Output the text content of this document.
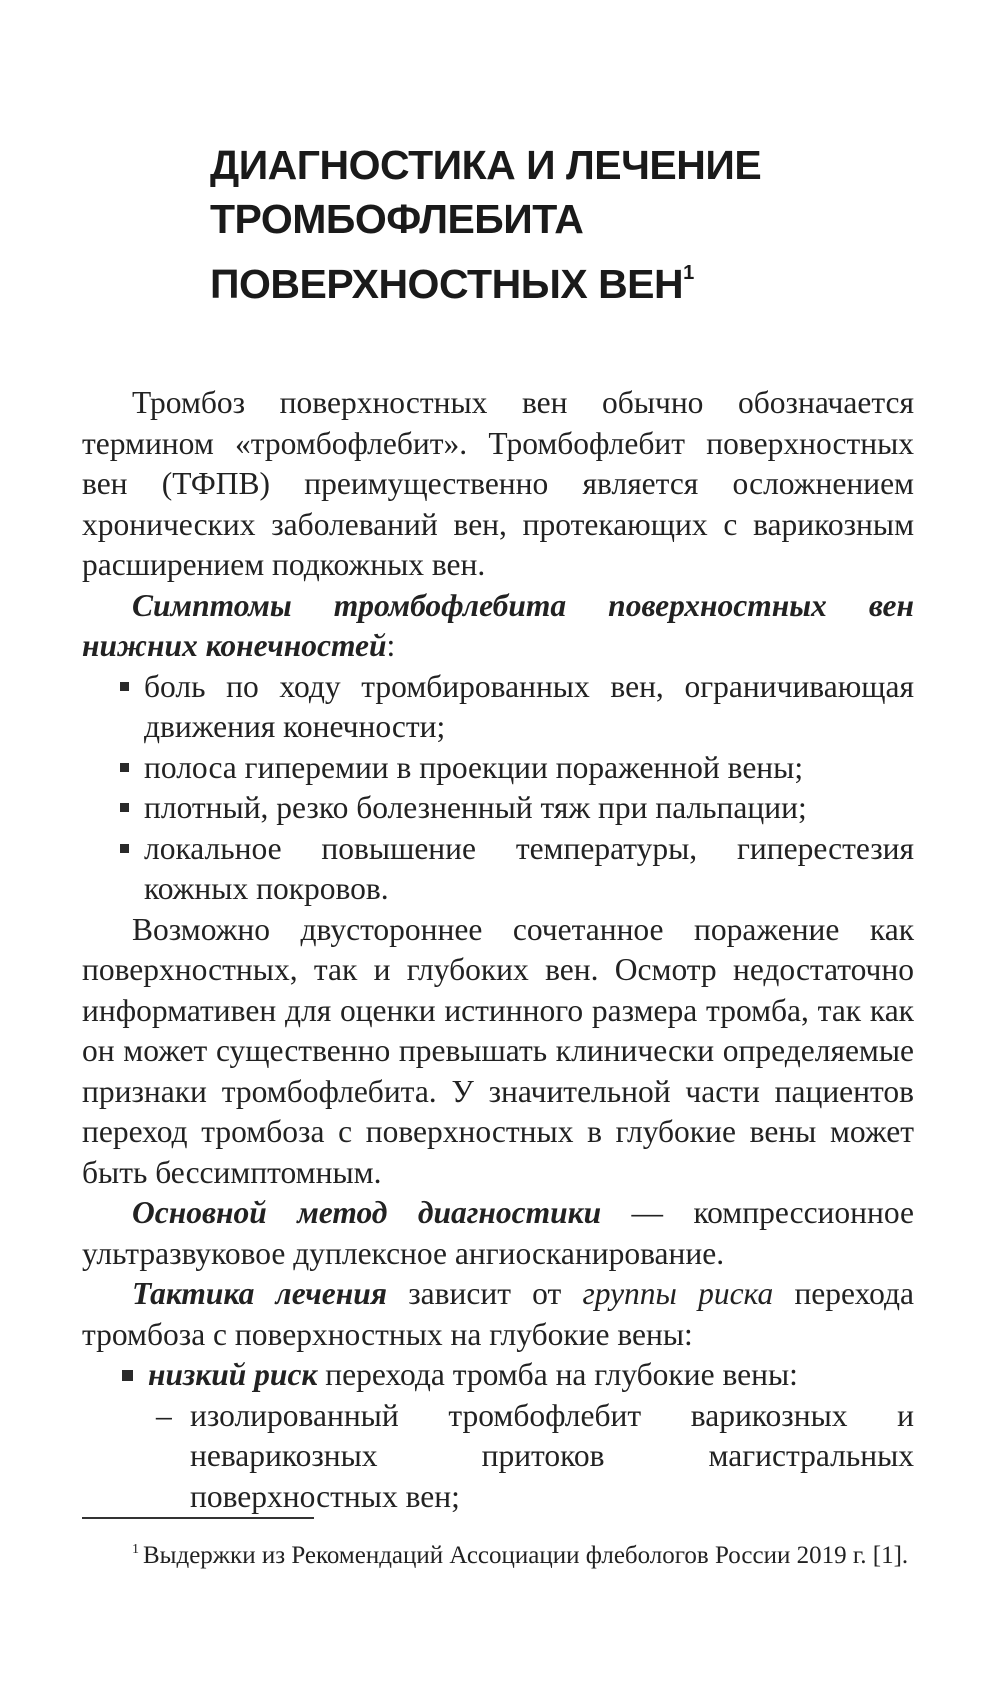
ДИАГНОСТИКА И ЛЕЧЕНИЕ ТРОМБОФЛЕБИТА ПОВЕРХНОСТНЫХ ВЕН$^1$

Тромбоз поверхностных вен обычно обозначается термином «тромбофлебит». Тромбофлебит поверхностных вен (ТФПВ) преимущественно является осложнением хронических заболеваний вен, протекающих с варикозным расширением подкожных вен.

Симптомы тромбофлебита поверхностных вен нижних конечностей:

боль по ходу тромбированных вен, ограничивающая движения конечности;
полоса гиперемии в проекции пораженной вены;
плотный, резко болезненный тяж при пальпации;
локальное повышение температуры, гиперестезия кожных покровов.

Возможно двустороннее сочетанное поражение как поверхностных, так и глубоких вен. Осмотр недостаточно информативен для оценки истинного размера тромба, так как он может существенно превышать клинически определяемые признаки тромбофлебита. У значительной части пациентов переход тромбоза с поверхностных в глубокие вены может быть бессимптомным.

Основной метод диагностики — компрессионное ультразвуковое дуплексное ангиосканирование.

Тактика лечения зависит от группы риска перехода тромбоза с поверхностных на глубокие вены:

низкий риск перехода тромба на глубокие вены:
– изолированный тромбофлебит варикозных и неварикозных притоков магистральных поверхностных вен;
$^1$ Выдержки из Рекомендаций Ассоциации флебологов России 2019 г. [1].
